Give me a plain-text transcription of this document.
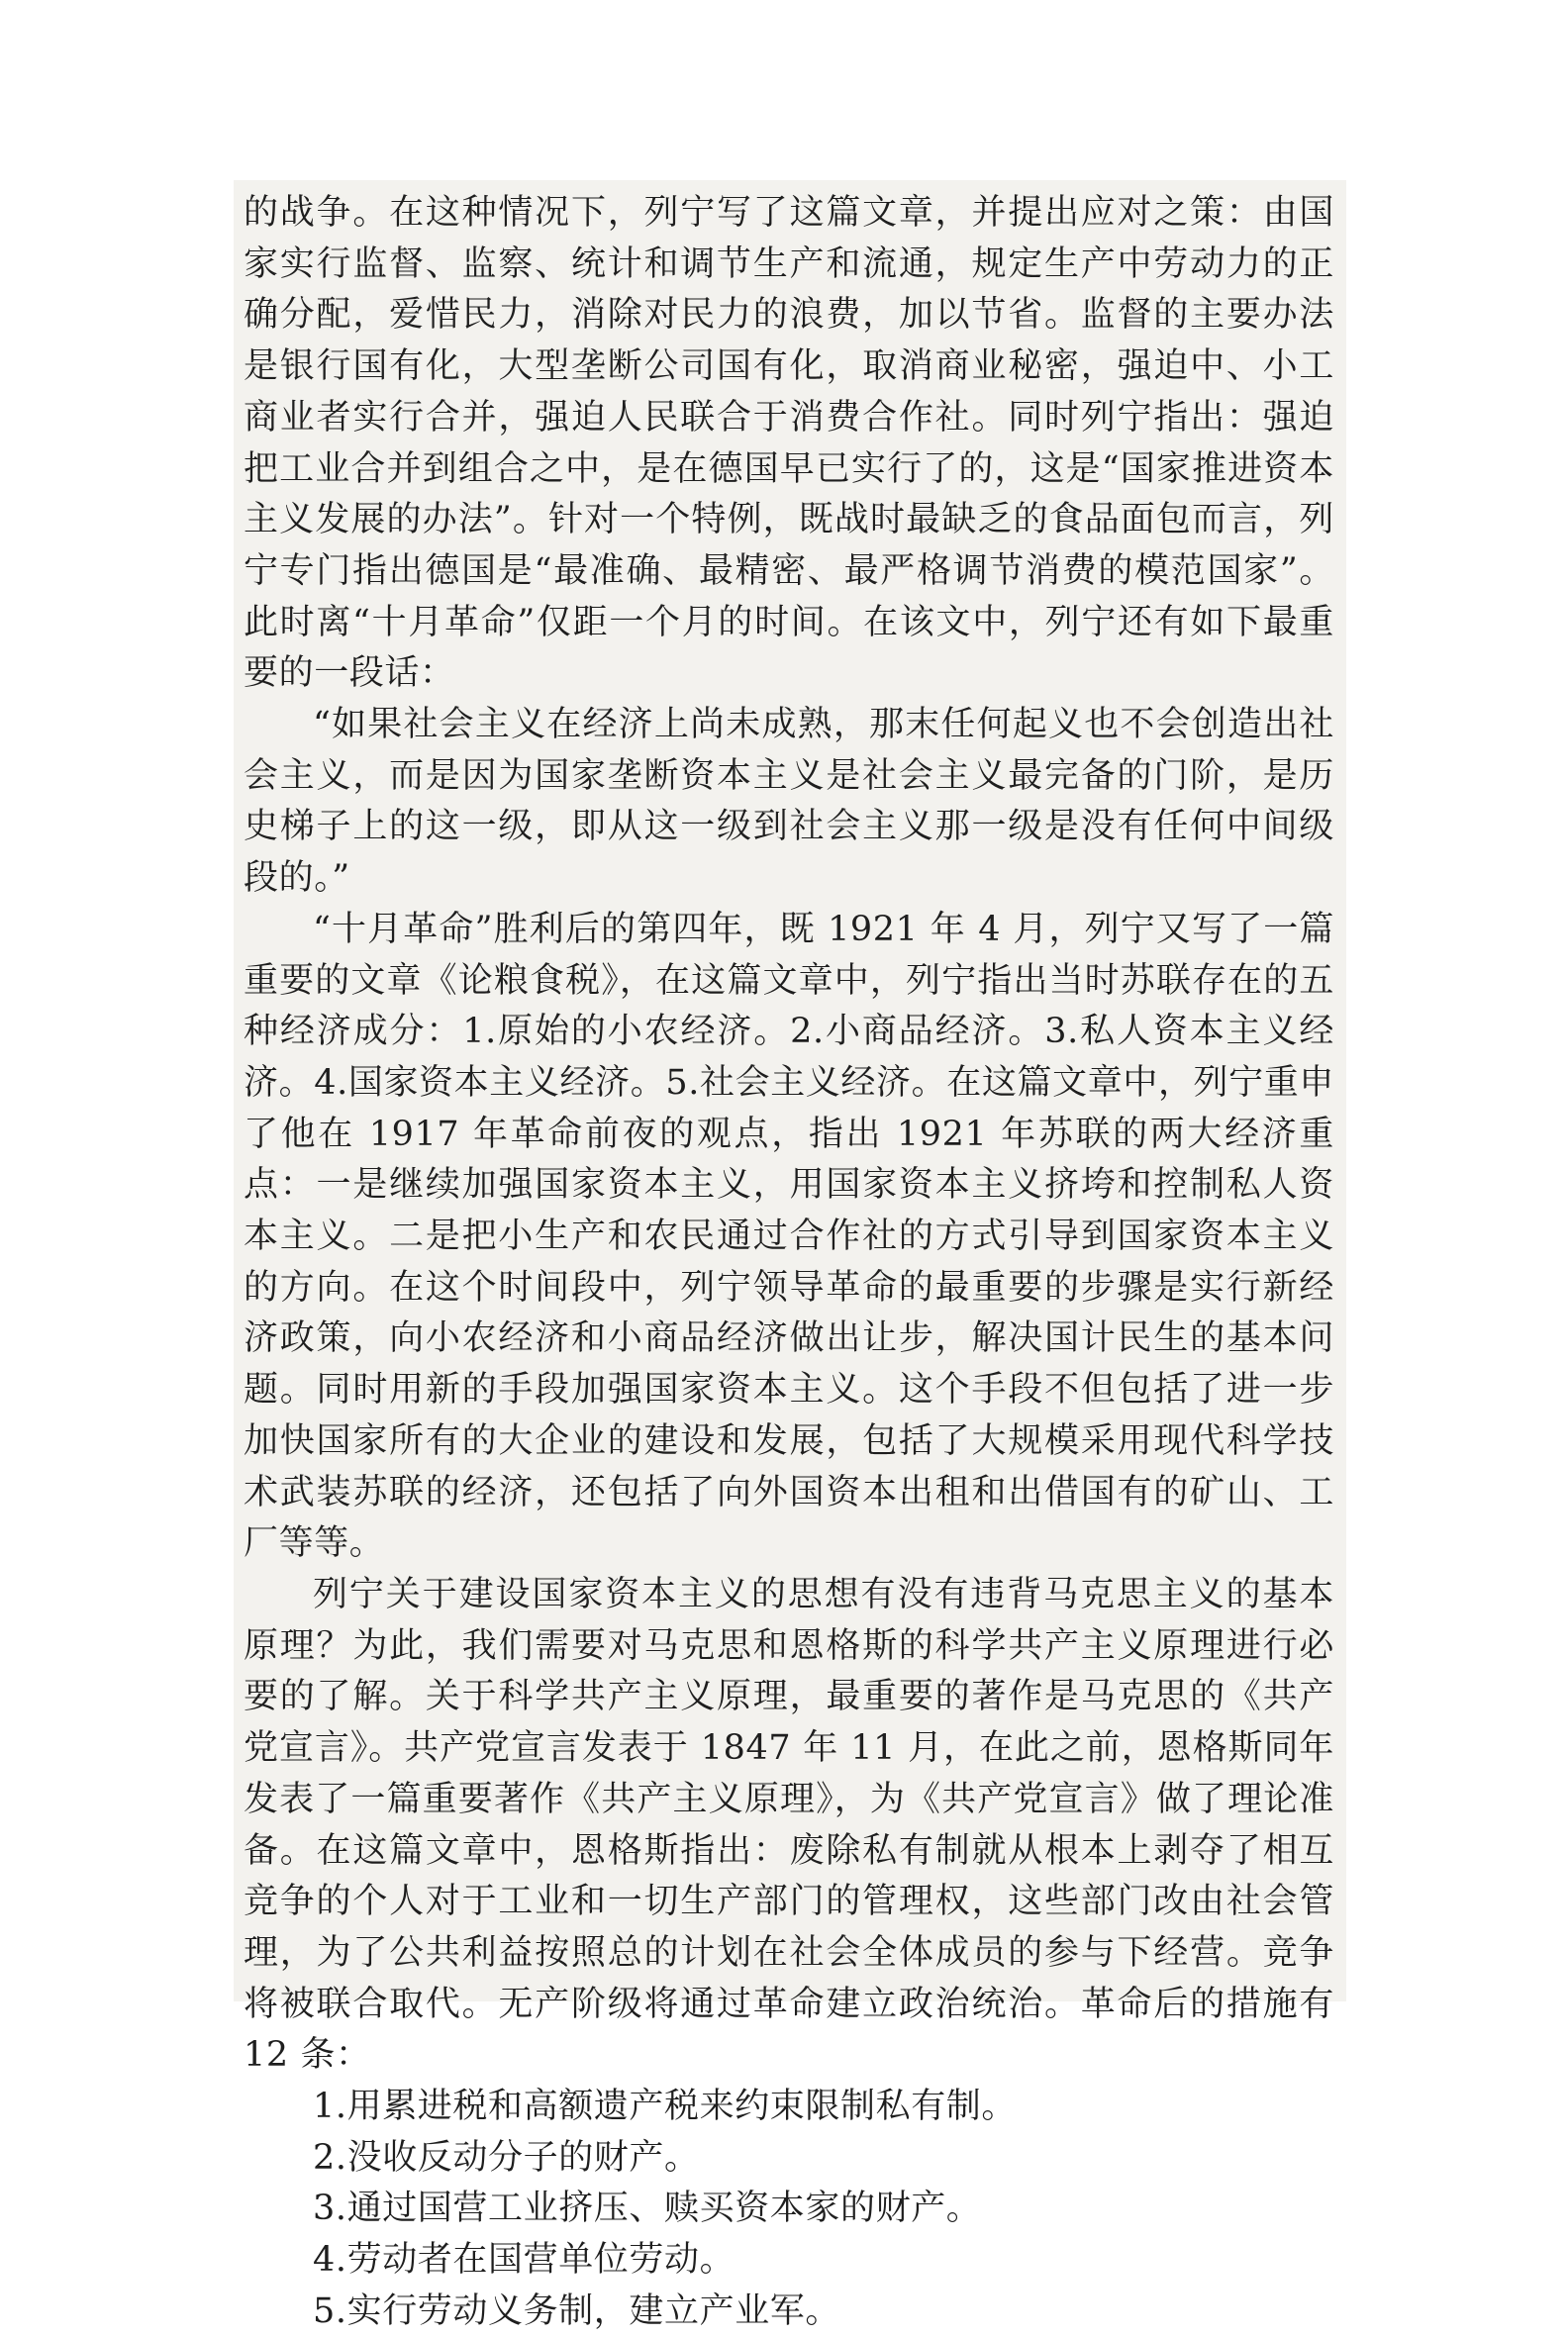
的战争。在这种情况下，列宁写了这篇文章，并提出应对之策：由国家实行监督、监察、统计和调节生产和流通，规定生产中劳动力的正确分配，爱惜民力，消除对民力的浪费，加以节省。监督的主要办法是银行国有化，大型垄断公司国有化，取消商业秘密，强迫中、小工商业者实行合并，强迫人民联合于消费合作社。同时列宁指出：强迫把工业合并到组合之中，是在德国早已实行了的，这是“国家推进资本主义发展的办法”。针对一个特例，既战时最缺乏的食品面包而言，列宁专门指出德国是“最准确、最精密、最严格调节消费的模范国家”。此时离“十月革命”仅距一个月的时间。在该文中，列宁还有如下最重要的一段话：

“如果社会主义在经济上尚未成熟，那末任何起义也不会创造出社会主义，而是因为国家垄断资本主义是社会主义最完备的门阶，是历史梯子上的这一级，即从这一级到社会主义那一级是没有任何中间级段的。”

“十月革命”胜利后的第四年，既 1921 年 4 月，列宁又写了一篇重要的文章《论粮食税》，在这篇文章中，列宁指出当时苏联存在的五种经济成分：1.原始的小农经济。2.小商品经济。3.私人资本主义经济。4.国家资本主义经济。5.社会主义经济。在这篇文章中，列宁重申了他在 1917 年革命前夜的观点，指出 1921 年苏联的两大经济重点：一是继续加强国家资本主义，用国家资本主义挤垮和控制私人资本主义。二是把小生产和农民通过合作社的方式引导到国家资本主义的方向。在这个时间段中，列宁领导革命的最重要的步骤是实行新经济政策，向小农经济和小商品经济做出让步，解决国计民生的基本问题。同时用新的手段加强国家资本主义。这个手段不但包括了进一步加快国家所有的大企业的建设和发展，包括了大规模采用现代科学技术武装苏联的经济，还包括了向外国资本出租和出借国有的矿山、工厂等等。

列宁关于建设国家资本主义的思想有没有违背马克思主义的基本原理？为此，我们需要对马克思和恩格斯的科学共产主义原理进行必要的了解。关于科学共产主义原理，最重要的著作是马克思的《共产党宣言》。共产党宣言发表于 1847 年 11 月，在此之前，恩格斯同年发表了一篇重要著作《共产主义原理》，为《共产党宣言》做了理论准备。在这篇文章中，恩格斯指出：废除私有制就从根本上剥夺了相互竞争的个人对于工业和一切生产部门的管理权，这些部门改由社会管理，为了公共利益按照总的计划在社会全体成员的参与下经营。竞争将被联合取代。无产阶级将通过革命建立政治统治。革命后的措施有 12 条：

1.用累进税和高额遗产税来约束限制私有制。

2.没收反动分子的财产。

3.通过国营工业挤压、赎买资本家的财产。

4.劳动者在国营单位劳动。

5.实行劳动义务制，建立产业军。
